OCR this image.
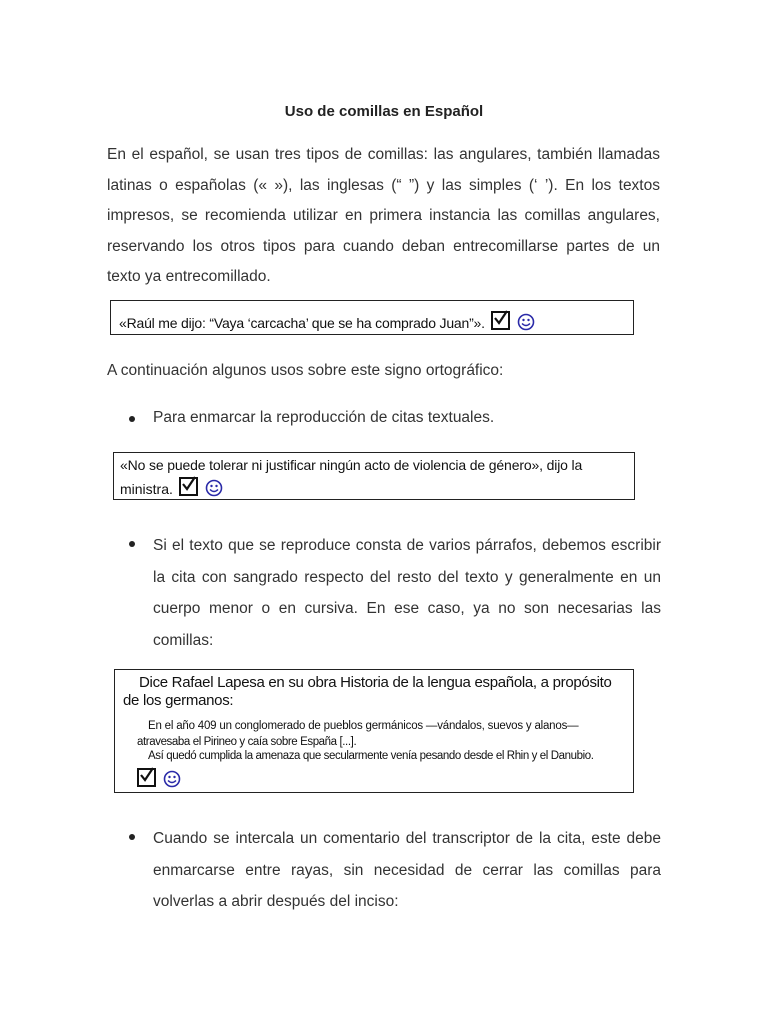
Uso de comillas en Español
En el español, se usan tres tipos de comillas: las angulares, también llamadas latinas o españolas (« »), las inglesas (“ ”) y las simples (‘ ’). En los textos impresos, se recomienda utilizar en primera instancia las comillas angulares, reservando los otros tipos para cuando deban entrecomillarse partes de un texto ya entrecomillado.
«Raúl me dijo: “Vaya ‘carcacha’ que se ha comprado Juan”».
A continuación algunos usos sobre este signo ortográfico:
Para enmarcar la reproducción de citas textuales.
«No se puede tolerar ni justificar ningún acto de violencia de género», dijo la
ministra.
Si el texto que se reproduce consta de varios párrafos, debemos escribir la cita con sangrado respecto del resto del texto y generalmente en un cuerpo menor o en cursiva. En ese caso, ya no son necesarias las comillas:
Dice Rafael Lapesa en su obra Historia de la lengua española, a propósito
de los germanos:
En el año 409 un conglomerado de pueblos germánicos —vándalos, suevos y alanos—
atravesaba el Pirineo y caía sobre España [...].
Así quedó cumplida la amenaza que secularmente venía pesando desde el Rhin y el Danubio.
Cuando se intercala un comentario del transcriptor de la cita, este debe enmarcarse entre rayas, sin necesidad de cerrar las comillas para volverlas a abrir después del inciso:
